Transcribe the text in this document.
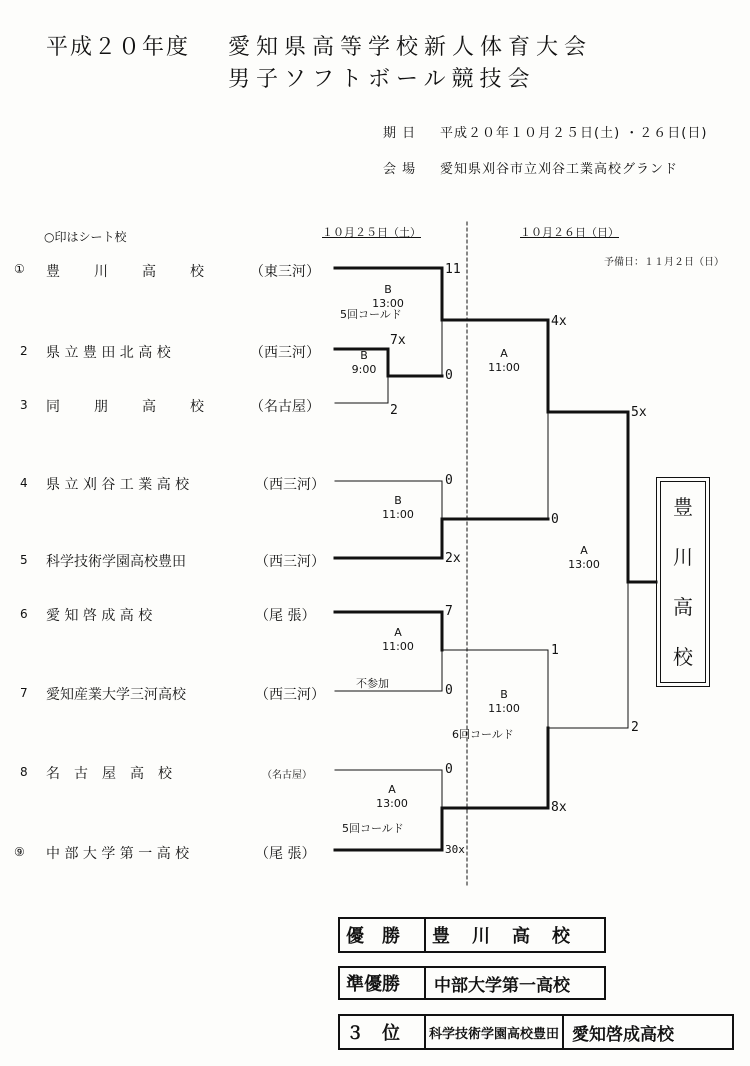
平成２０年度 愛知県高等学校新人体育大会
男子ソフトボール競技会
期 日 平成２０年１０月２５日(土) ・２６日(日)
会 場 愛知県刈谷市立刈谷工業高校グランド
○印はシート校	１０月２５日（土）	１０月２６日（日）
予備日：１１月２日（日）
① 豊　　川　　高　　校	（東三河）
2 県 立 豊 田 北 高 校	（西三河）
3 同　　朋　　高　　校	（名古屋）
4 県 立 刈 谷 工 業 高 校	（西三河）
5 科学技術学園高校豊田	（西三河）
6 愛 知 啓 成 高 校	（尾 張）
7 愛知産業大学三河高校	（西三河）
8 名　古　屋　高　校	（名古屋）
⑨ 中 部 大 学 第 一 高 校	（尾 張）
7x
2
11
0
0
2x
7
0
0
30x
4x
0
1
8x
5x
2
B
9:00
B
13:00
5回コールド
B
11:00
A
11:00
不参加
A
13:00
5回コールド
A
11:00
B
11:00
6回コールド
A
13:00
豊
川
高
校
優　勝	豊　川　高　校
準優勝	中部大学第一高校
３　位	科学技術学園高校豊田 愛知啓成高校
